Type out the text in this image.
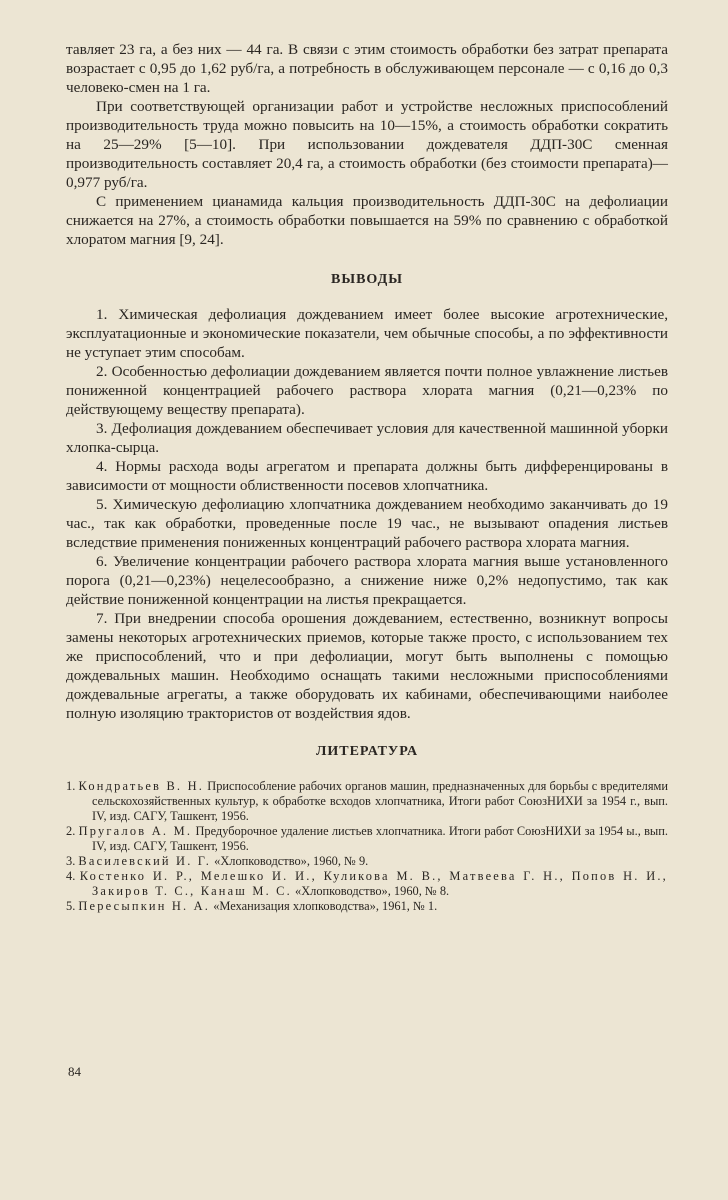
тавляет 23 га, а без них — 44 га. В связи с этим стоимость обработки без затрат препарата возрастает с 0,95 до 1,62 руб/га, а потребность в обслуживающем персонале — с 0,16 до 0,3 человеко-смен на 1 га.

При соответствующей организации работ и устройстве несложных приспособлений производительность труда можно повысить на 10—15%, а стоимость обработки сократить на 25—29% [5—10]. При использовании дождевателя ДДП-30С сменная производительность составляет 20,4 га, а стоимость обработки (без стоимости препарата)— 0,977 руб/га.

С применением цианамида кальция производительность ДДП-30С на дефолиации снижается на 27%, а стоимость обработки повышается на 59% по сравнению с обработкой хлоратом магния [9, 24].

ВЫВОДЫ

1. Химическая дефолиация дождеванием имеет более высокие агротехнические, эксплуатационные и экономические показатели, чем обычные способы, а по эффективности не уступает этим способам.

2. Особенностью дефолиации дождеванием является почти полное увлажнение листьев пониженной концентрацией рабочего раствора хлората магния (0,21—0,23% по действующему веществу препарата).

3. Дефолиация дождеванием обеспечивает условия для качественной машинной уборки хлопка-сырца.

4. Нормы расхода воды агрегатом и препарата должны быть дифференцированы в зависимости от мощности облиственности посевов хлопчатника.

5. Химическую дефолиацию хлопчатника дождеванием необходимо заканчивать до 19 час., так как обработки, проведенные после 19 час., не вызывают опадения листьев вследствие применения пониженных концентраций рабочего раствора хлората магния.

6. Увеличение концентрации рабочего раствора хлората магния выше установленного порога (0,21—0,23%) нецелесообразно, а снижение ниже 0,2% недопустимо, так как действие пониженной концентрации на листья прекращается.

7. При внедрении способа орошения дождеванием, естественно, возникнут вопросы замены некоторых агротехнических приемов, которые также просто, с использованием тех же приспособлений, что и при дефолиации, могут быть выполнены с помощью дождевальных машин. Необходимо оснащать такими несложными приспособлениями дождевальные агрегаты, а также оборудовать их кабинами, обеспечивающими наиболее полную изоляцию трактористов от воздействия ядов.

ЛИТЕРАТУРА
1. Кондратьев В. Н. Приспособление рабочих органов машин, предназначенных для борьбы с вредителями сельскохозяйственных культур, к обработке всходов хлопчатника, Итоги работ СоюзНИХИ за 1954 г., вып. IV, изд. САГУ, Ташкент, 1956.
2. Пругалов А. М. Предуборочное удаление листьев хлопчатника. Итоги работ СоюзНИХИ за 1954 ы., вып. IV, изд. САГУ, Ташкент, 1956.
3. Василевский И. Г. «Хлопководство», 1960, № 9.
4. Костенко И. Р., Мелешко И. И., Куликова М. В., Матвеева Г. Н., Попов Н. И., Закиров Т. С., Канаш М. С. «Хлопководство», 1960, № 8.
5. Пересыпкин Н. А. «Механизация хлопководства», 1961, № 1.
84
